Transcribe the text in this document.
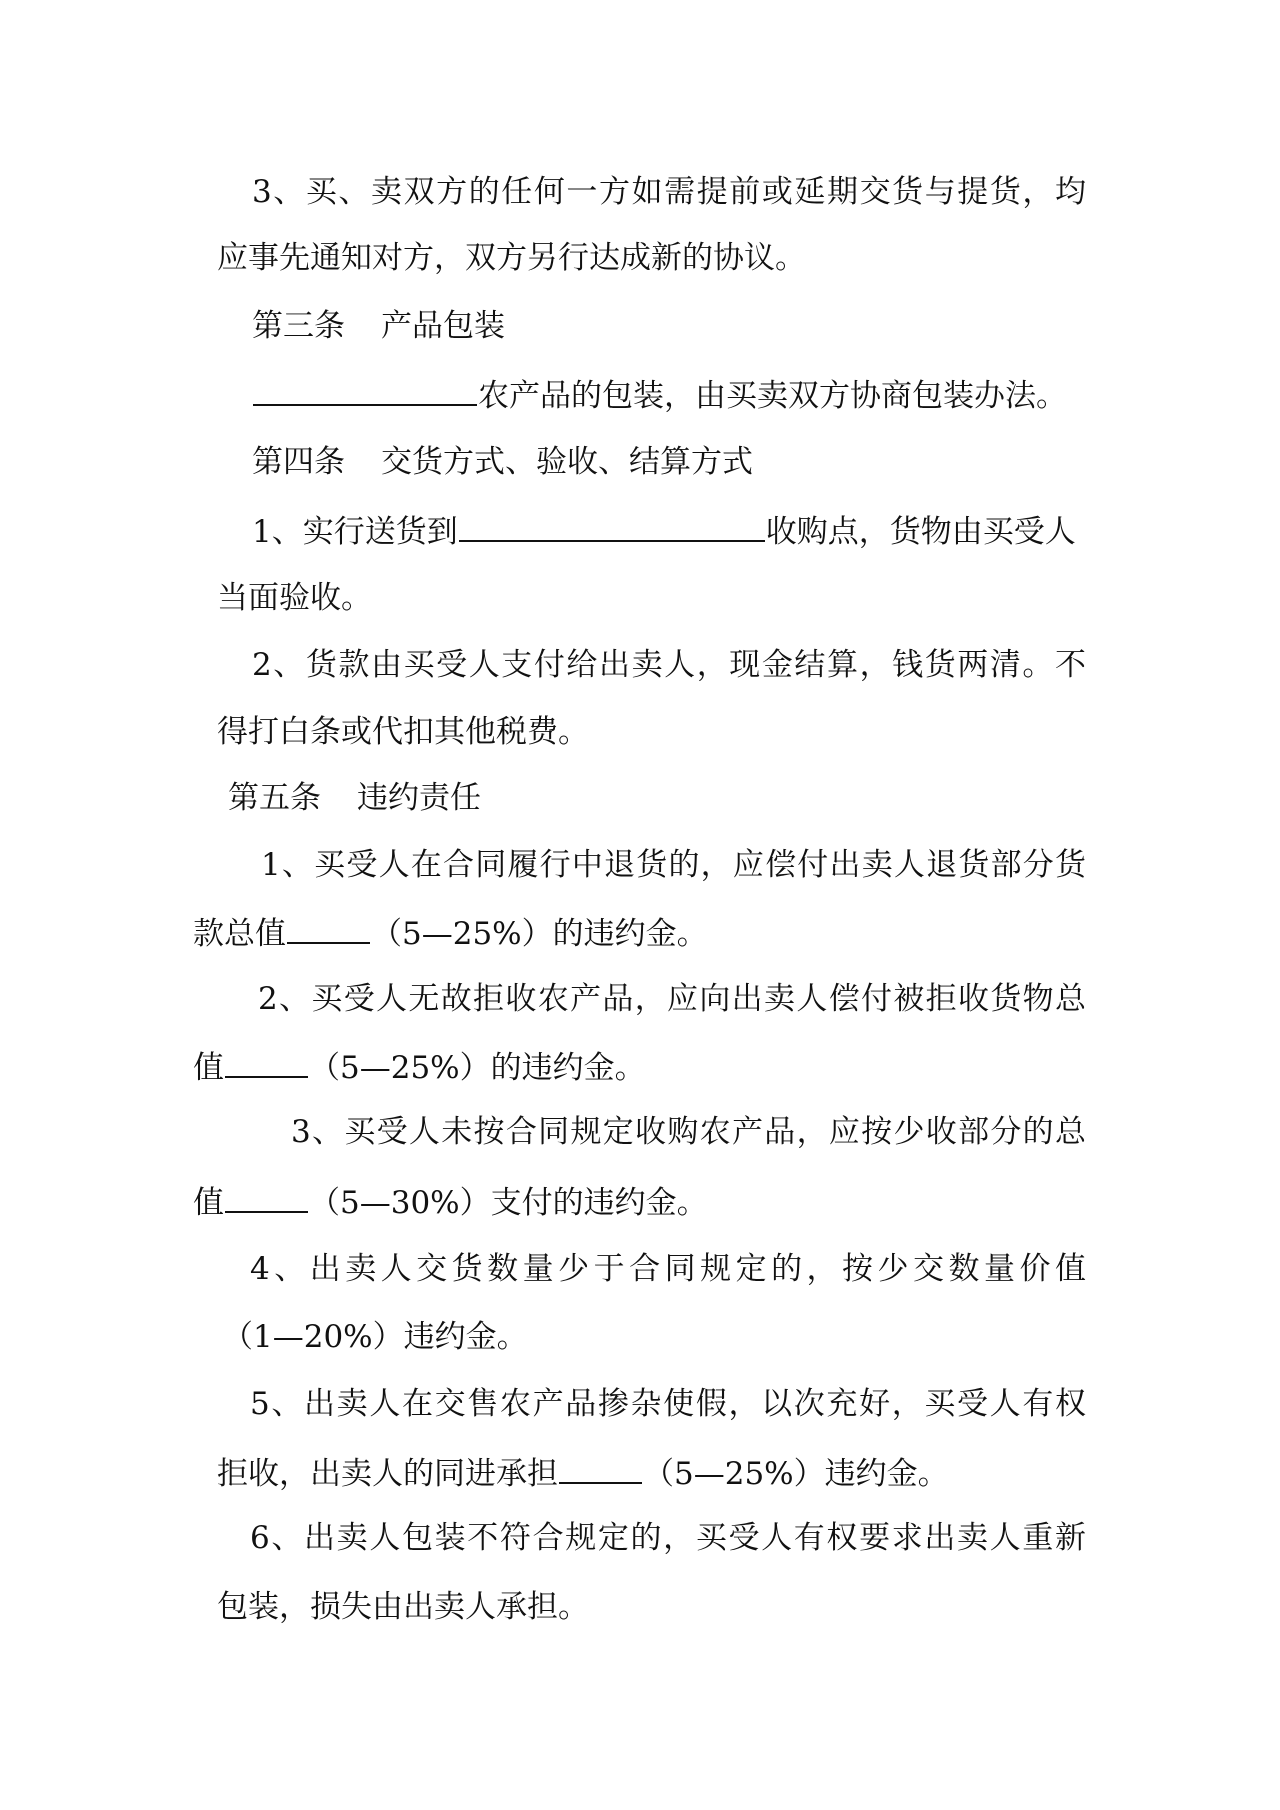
3、买、卖双方的任何一方如需提前或延期交货与提货，均
应事先通知对方，双方另行达成新的协议。
第三条 产品包装
农产品的包装，由买卖双方协商包装办法。
第四条 交货方式、验收、结算方式
1、实行送货到	收购点，货物由买受人
当面验收。
2、货款由买受人支付给出卖人，现金结算，钱货两清。不
得打白条或代扣其他税费。
第五条 违约责任
1、买受人在合同履行中退货的，应偿付出卖人退货部分货
款总值	（5—25%）的违约金。
2、买受人无故拒收农产品，应向出卖人偿付被拒收货物总
值	（5—25%）的违约金。
3、买受人未按合同规定收购农产品，应按少收部分的总
值	（5—30%）支付的违约金。
4、出卖人交货数量少于合同规定的，按少交数量价值
（1—20%）违约金。
5、出卖人在交售农产品掺杂使假，以次充好，买受人有权
拒收，出卖人的同进承担	（5—25%）违约金。
6、出卖人包装不符合规定的，买受人有权要求出卖人重新
包装，损失由出卖人承担。
